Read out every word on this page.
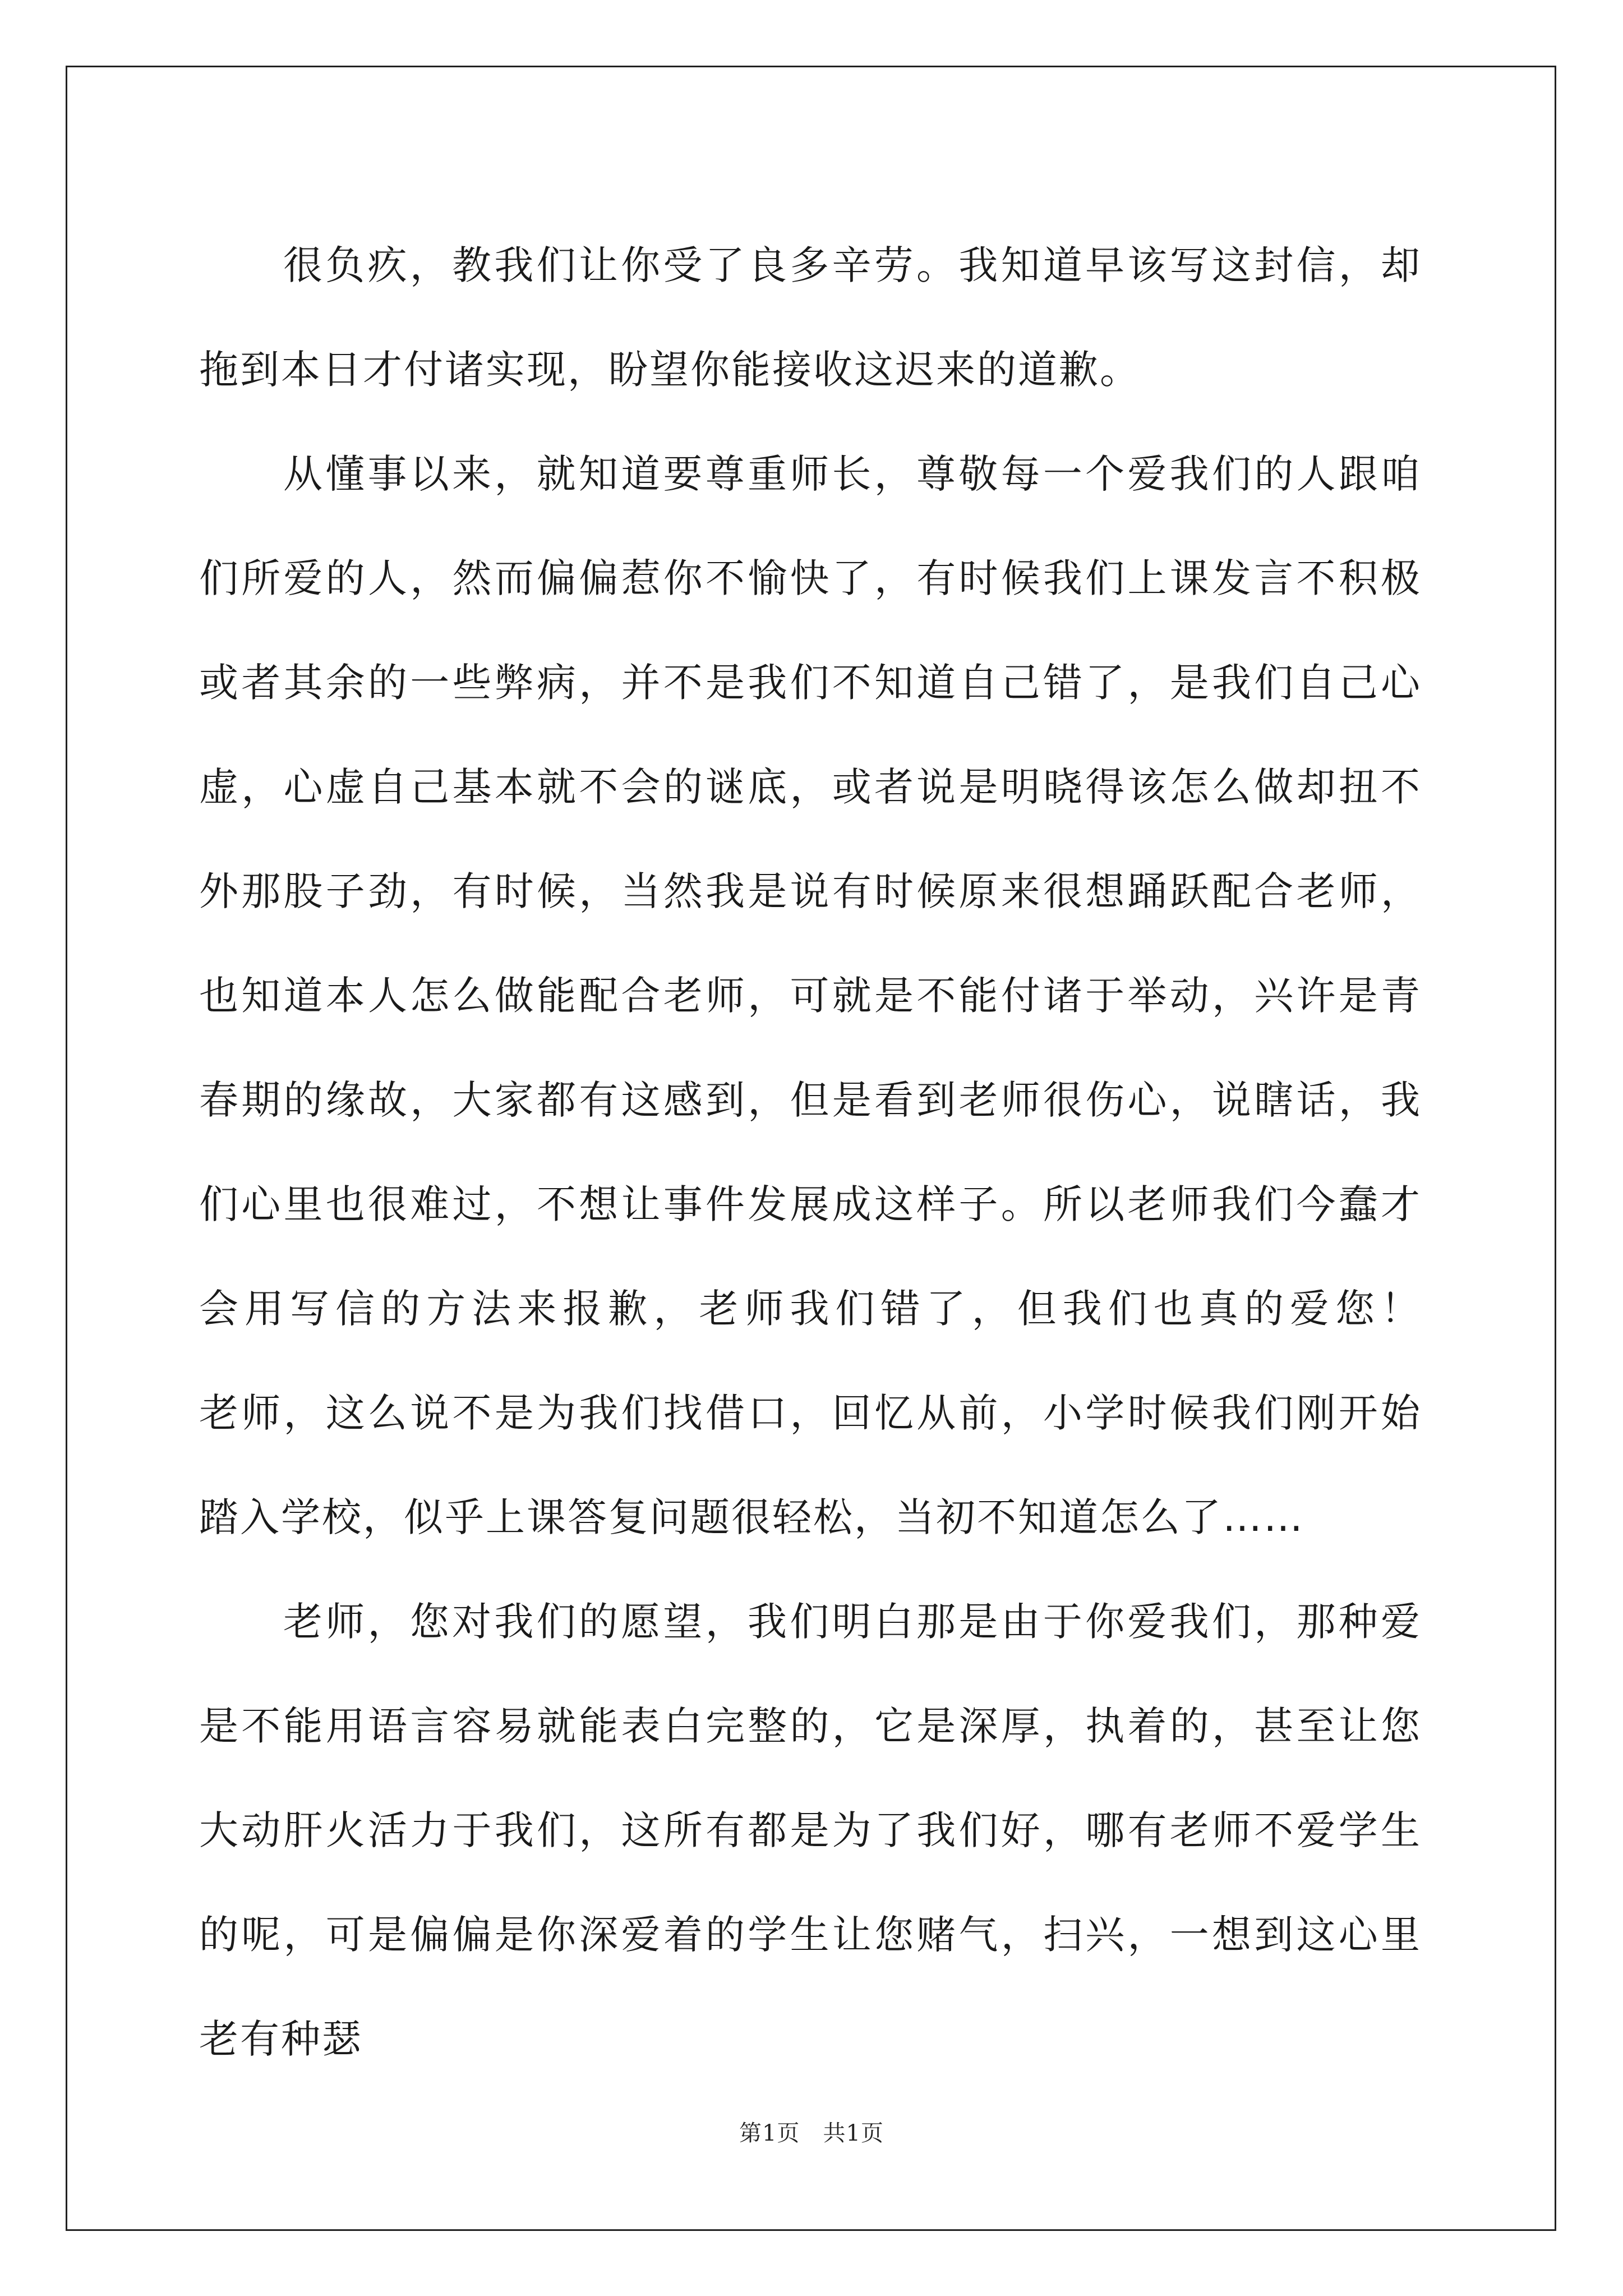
很负疚，教我们让你受了良多辛劳。我知道早该写这封信，却拖到本日才付诸实现，盼望你能接收这迟来的道歉。

从懂事以来，就知道要尊重师长，尊敬每一个爱我们的人跟咱们所爱的人，然而偏偏惹你不愉快了，有时候我们上课发言不积极或者其余的一些弊病，并不是我们不知道自己错了，是我们自己心虚，心虚自己基本就不会的谜底，或者说是明晓得该怎么做却扭不外那股子劲，有时候，当然我是说有时候原来很想踊跃配合老师，也知道本人怎么做能配合老师，可就是不能付诸于举动，兴许是青春期的缘故，大家都有这感到，但是看到老师很伤心，说瞎话，我们心里也很难过，不想让事件发展成这样子。所以老师我们今蠢才会用写信的方法来报歉，老师我们错了，但我们也真的爱您！        老师，这么说不是为我们找借口，回忆从前，小学时候我们刚开始踏入学校，似乎上课答复问题很轻松，当初不知道怎么了……

老师，您对我们的愿望，我们明白那是由于你爱我们，那种爱是不能用语言容易就能表白完整的，它是深厚，执着的，甚至让您大动肝火活力于我们，这所有都是为了我们好，哪有老师不爱学生的呢，可是偏偏是你深爱着的学生让您赌气，扫兴，一想到这心里老有种瑟

第1页   共1页
